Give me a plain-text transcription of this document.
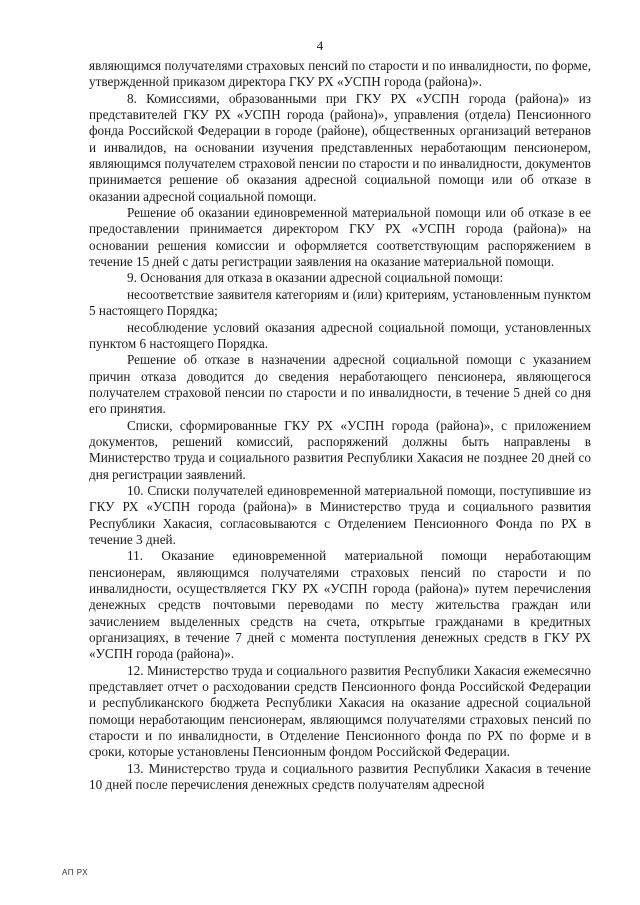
4

являющимся получателями страховых пенсий по старости и по инвалидности, по форме, утвержденной приказом директора ГКУ РХ «УСПН города (района)».

8. Комиссиями, образованными при ГКУ РХ «УСПН города (района)» из представителей ГКУ РХ «УСПН города (района)», управления (отдела) Пенсионного фонда Российской Федерации в городе (районе), общественных организаций ветеранов и инвалидов, на основании изучения представленных неработающим пенсионером, являющимся получателем страховой пенсии по старости и по инвалидности, документов принимается решение об оказания адресной социальной помощи или об отказе в оказании адресной социальной помощи.

Решение об оказании единовременной материальной помощи или об отказе в ее предоставлении принимается директором ГКУ РХ «УСПН города (района)» на основании решения комиссии и оформляется соответствующим распоряжением в течение 15 дней с даты регистрации заявления на оказание материальной помощи.

9. Основания для отказа в оказании адресной социальной помощи:

несоответствие заявителя категориям и (или) критериям, установленным пунктом 5 настоящего Порядка;

несоблюдение условий оказания адресной социальной помощи, установленных пунктом 6 настоящего Порядка.

Решение об отказе в назначении адресной социальной помощи с указанием причин отказа доводится до сведения неработающего пенсионера, являющегося получателем страховой пенсии по старости и по инвалидности, в течение 5 дней со дня его принятия.

Списки, сформированные ГКУ РХ «УСПН города (района)», с приложением документов, решений комиссий, распоряжений должны быть направлены в Министерство труда и социального развития Республики Хакасия не позднее 20 дней со дня регистрации заявлений.

10. Списки получателей единовременной материальной помощи, поступившие из ГКУ РХ «УСПН города (района)» в Министерство труда и социального развития Республики Хакасия, согласовываются с Отделением Пенсионного Фонда по РХ в течение 3 дней.

11. Оказание единовременной материальной помощи неработающим пенсионерам, являющимся получателями страховых пенсий по старости и по инвалидности, осуществляется ГКУ РХ «УСПН города (района)» путем перечисления денежных средств почтовыми переводами по месту жительства граждан или зачислением выделенных средств на счета, открытые гражданами в кредитных организациях, в течение 7 дней с момента поступления денежных средств в ГКУ РХ «УСПН города (района)».

12. Министерство труда и социального развития Республики Хакасия ежемесячно представляет отчет о расходовании средств Пенсионного фонда Российской Федерации и республиканского бюджета Республики Хакасия на оказание адресной социальной помощи неработающим пенсионерам, являющимся получателями страховых пенсий по старости и по инвалидности, в Отделение Пенсионного фонда по РХ по форме и в сроки, которые установлены Пенсионным фондом Российской Федерации.

13. Министерство труда и социального развития Республики Хакасия в течение 10 дней после перечисления денежных средств получателям адресной

АП РХ
